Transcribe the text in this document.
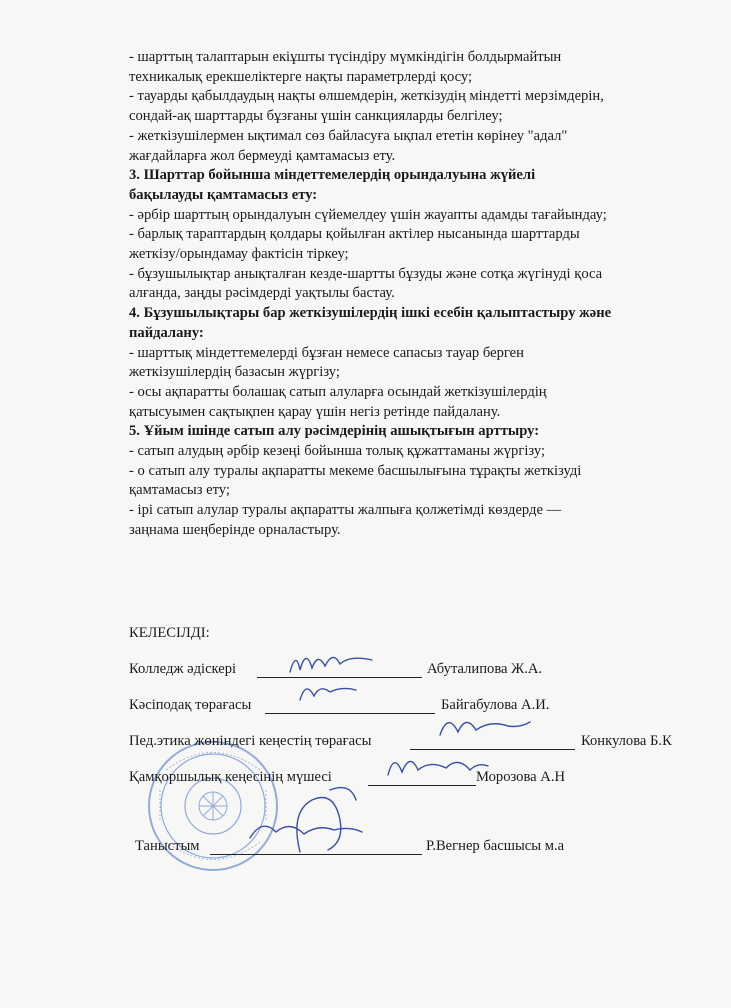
- шарттың талаптарын екіұшты түсіндіру мүмкіндігін болдырмайтын

техникалық ерекшеліктерге нақты параметрлерді қосу;

- тауарды қабылдаудың нақты өлшемдерін, жеткізудің міндетті мерзімдерін,

сондай-ақ шарттарды бұзғаны үшін санкцияларды белгілеу;

- жеткізушілермен ықтимал сөз байласуға ықпал ететін көрінеу "адал"

жағдайларға жол бермеуді қамтамасыз ету.

3. Шарттар бойынша міндеттемелердің орындалуына жүйелі

бақылауды қамтамасыз ету:

- әрбір шарттың орындалуын сүйемелдеу үшін жауапты адамды тағайындау;

- барлық тараптардың қолдары қойылған актілер нысанында шарттарды

жеткізу/орындамау фактісін тіркеу;

- бұзушылықтар анықталған кезде-шартты бұзуды және сотқа жүгінуді қоса

алғанда, заңды рәсімдерді уақтылы бастау.

4. Бұзушылықтары бар жеткізушілердің ішкі есебін қалыптастыру және

пайдалану:

- шарттық міндеттемелерді бұзған немесе сапасыз тауар берген

жеткізушілердің базасын жүргізу;

- осы ақпаратты болашақ сатып алуларға осындай жеткізушілердің

қатысуымен сақтықпен қарау үшін негіз ретінде пайдалану.

5. Ұйым ішінде сатып алу рәсімдерінің ашықтығын арттыру:

- сатып алудың әрбір кезеңі бойынша толық құжаттаманы жүргізу;

- о сатып алу туралы ақпаратты мекеме басшылығына тұрақты жеткізуді

қамтамасыз ету;

- ірі сатып алулар туралы ақпаратты жалпыға қолжетімді көздерде —

заңнама шеңберінде орналастыру.

КЕЛЕСІЛДІ:
Колледж әдіскері	Абуталипова Ж.А.
Кәсіподақ төрағасы	Байгабулова А.И.
Пед.этика жөніндегі кеңестің төрағасы	Конкулова Б.К
Қамқоршылық кеңесінің мүшесі	Морозова А.Н
Таныстым	Р.Вегнер басшысы м.а
